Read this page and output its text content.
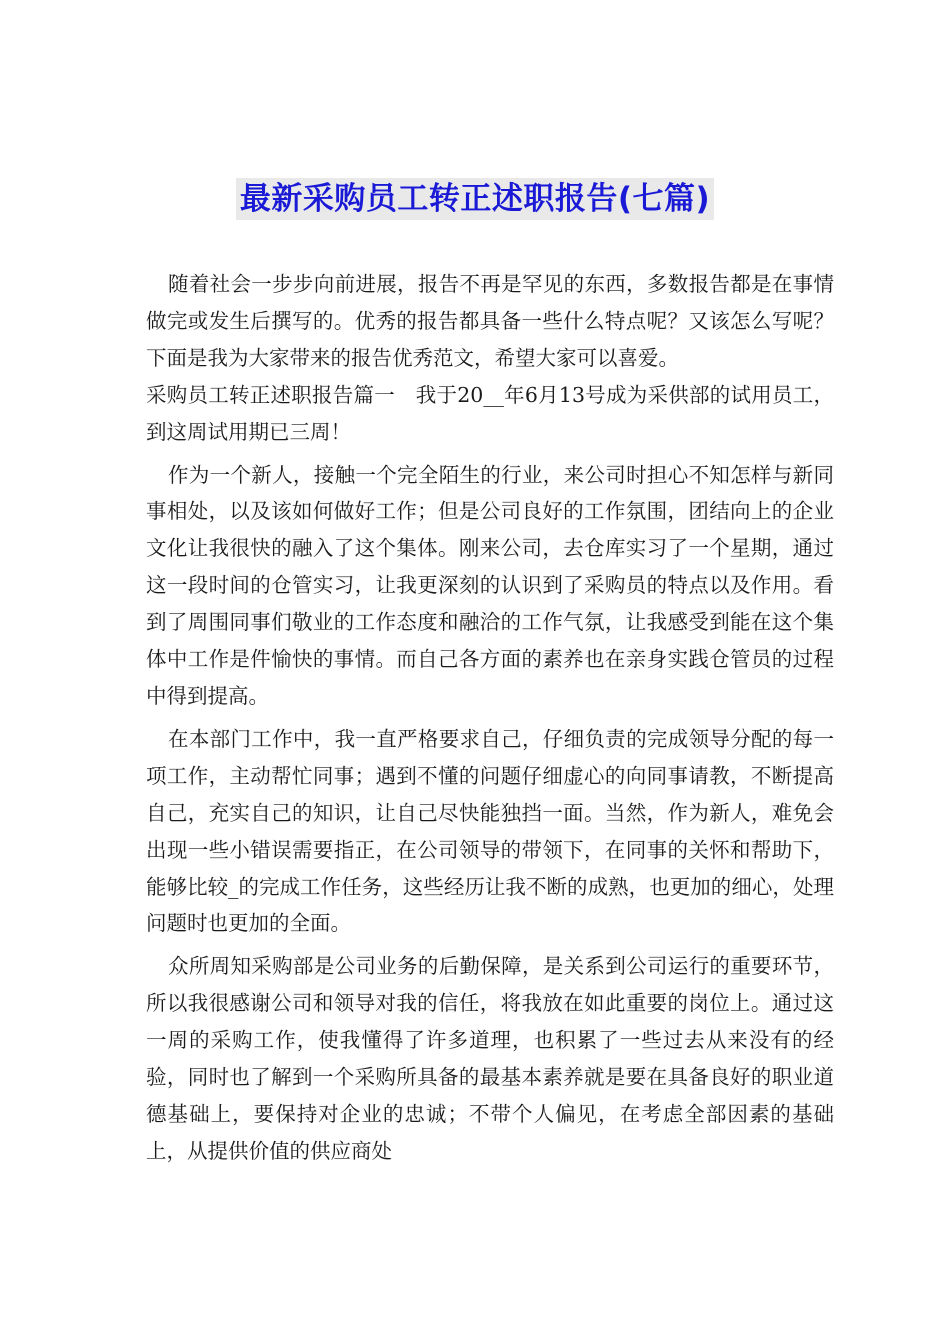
最新采购员工转正述职报告(七篇)

随着社会一步步向前进展，报告不再是罕见的东西，多数报告都是在事情做完或发生后撰写的。优秀的报告都具备一些什么特点呢？又该怎么写呢？下面是我为大家带来的报告优秀范文，希望大家可以喜爱。

采购员工转正述职报告篇一　我于20__年6月13号成为采供部的试用员工，到这周试用期已三周！

作为一个新人，接触一个完全陌生的行业，来公司时担心不知怎样与新同事相处，以及该如何做好工作；但是公司良好的工作氛围，团结向上的企业文化让我很快的融入了这个集体。刚来公司，去仓库实习了一个星期，通过这一段时间的仓管实习，让我更深刻的认识到了采购员的特点以及作用。看到了周围同事们敬业的工作态度和融洽的工作气氛，让我感受到能在这个集体中工作是件愉快的事情。而自己各方面的素养也在亲身实践仓管员的过程中得到提高。

在本部门工作中，我一直严格要求自己，仔细负责的完成领导分配的每一项工作，主动帮忙同事；遇到不懂的问题仔细虚心的向同事请教，不断提高自己，充实自己的知识，让自己尽快能独挡一面。当然，作为新人，难免会出现一些小错误需要指正，在公司领导的带领下，在同事的关怀和帮助下，能够比较_的完成工作任务，这些经历让我不断的成熟，也更加的细心，处理问题时也更加的全面。

众所周知采购部是公司业务的后勤保障，是关系到公司运行的重要环节，所以我很感谢公司和领导对我的信任，将我放在如此重要的岗位上。通过这一周的采购工作，使我懂得了许多道理，也积累了一些过去从来没有的经验，同时也了解到一个采购所具备的最基本素养就是要在具备良好的职业道德基础上，要保持对企业的忠诚；不带个人偏见，在考虑全部因素的基础上，从提供价值的供应商处
